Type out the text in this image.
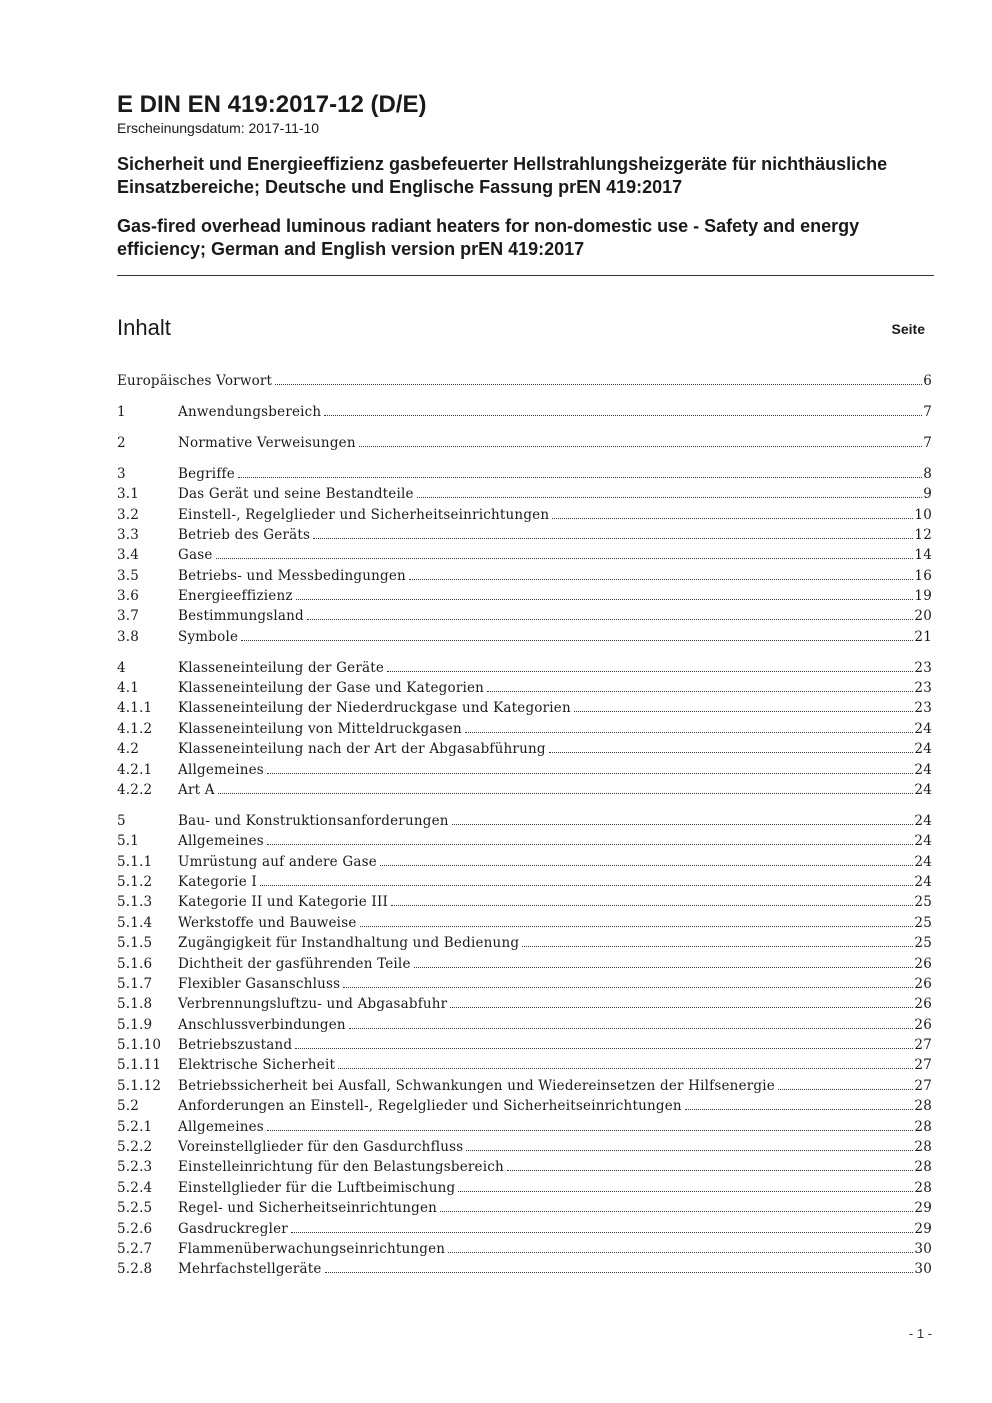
E DIN EN 419:2017-12 (D/E)

Erscheinungsdatum: 2017-11-10

Sicherheit und Energieeffizienz gasbefeuerter Hellstrahlungsheizgeräte für nichthäusliche Einsatzbereiche; Deutsche und Englische Fassung prEN 419:2017

Gas-fired overhead luminous radiant heaters for non-domestic use - Safety and energy efficiency; German and English version prEN 419:2017

Inhalt	Seite
Europäisches Vorwort	6
1	Anwendungsbereich	7
2	Normative Verweisungen	7
3	Begriffe	8
3.1	Das Gerät und seine Bestandteile	9
3.2	Einstell-, Regelglieder und Sicherheitseinrichtungen	10
3.3	Betrieb des Geräts	12
3.4	Gase	14
3.5	Betriebs- und Messbedingungen	16
3.6	Energieeffizienz	19
3.7	Bestimmungsland	20
3.8	Symbole	21
4	Klasseneinteilung der Geräte	23
4.1	Klasseneinteilung der Gase und Kategorien	23
4.1.1	Klasseneinteilung der Niederdruckgase und Kategorien	23
4.1.2	Klasseneinteilung von Mitteldruckgasen	24
4.2	Klasseneinteilung nach der Art der Abgasabführung	24
4.2.1	Allgemeines	24
4.2.2	Art A	24
5	Bau- und Konstruktionsanforderungen	24
5.1	Allgemeines	24
5.1.1	Umrüstung auf andere Gase	24
5.1.2	Kategorie I	24
5.1.3	Kategorie II und Kategorie III	25
5.1.4	Werkstoffe und Bauweise	25
5.1.5	Zugängigkeit für Instandhaltung und Bedienung	25
5.1.6	Dichtheit der gasführenden Teile	26
5.1.7	Flexibler Gasanschluss	26
5.1.8	Verbrennungsluftzu- und Abgasabfuhr	26
5.1.9	Anschlussverbindungen	26
5.1.10	Betriebszustand	27
5.1.11	Elektrische Sicherheit	27
5.1.12	Betriebssicherheit bei Ausfall, Schwankungen und Wiedereinsetzen der Hilfsenergie	27
5.2	Anforderungen an Einstell-, Regelglieder und Sicherheitseinrichtungen	28
5.2.1	Allgemeines	28
5.2.2	Voreinstellglieder für den Gasdurchfluss	28
5.2.3	Einstelleinrichtung für den Belastungsbereich	28
5.2.4	Einstellglieder für die Luftbeimischung	28
5.2.5	Regel- und Sicherheitseinrichtungen	29
5.2.6	Gasdruckregler	29
5.2.7	Flammenüberwachungseinrichtungen	30
5.2.8	Mehrfachstellgeräte	30
- 1 -
